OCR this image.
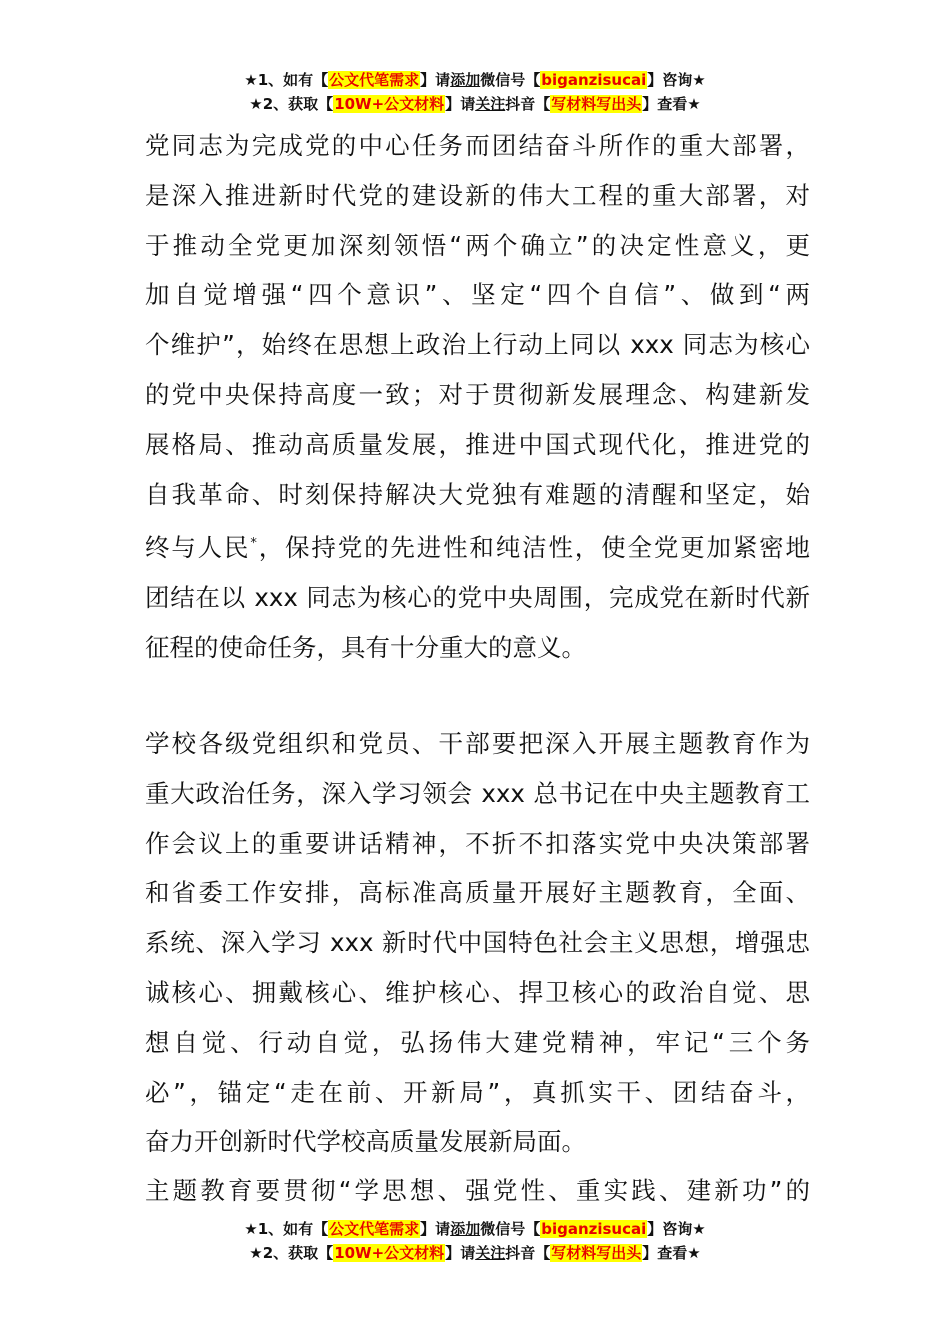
★1、如有【公文代笔需求】请添加微信号【biganzisucai】咨询★
★2、获取【10W+公文材料】请关注抖音【写材料写出头】查看★
党同志为完成党的中心任务而团结奋斗所作的重大部署，
是深入推进新时代党的建设新的伟大工程的重大部署，对
于推动全党更加深刻领悟“两个确立”的决定性意义，更
加自觉增强“四个意识”、坚定“四个自信”、做到“两
个维护”，始终在思想上政治上行动上同以 xxx 同志为核心
的党中央保持高度一致；对于贯彻新发展理念、构建新发
展格局、推动高质量发展，推进中国式现代化，推进党的
自我革命、时刻保持解决大党独有难题的清醒和坚定，始
终与人民*，保持党的先进性和纯洁性，使全党更加紧密地
团结在以 xxx 同志为核心的党中央周围，完成党在新时代新
征程的使命任务，具有十分重大的意义。
学校各级党组织和党员、干部要把深入开展主题教育作为
重大政治任务，深入学习领会 xxx 总书记在中央主题教育工
作会议上的重要讲话精神，不折不扣落实党中央决策部署
和省委工作安排，高标准高质量开展好主题教育，全面、
系统、深入学习 xxx 新时代中国特色社会主义思想，增强忠
诚核心、拥戴核心、维护核心、捍卫核心的政治自觉、思
想自觉、行动自觉，弘扬伟大建党精神，牢记“三个务
必”，锚定“走在前、开新局”，真抓实干、团结奋斗，
奋力开创新时代学校高质量发展新局面。
主题教育要贯彻“学思想、强党性、重实践、建新功”的
★1、如有【公文代笔需求】请添加微信号【biganzisucai】咨询★
★2、获取【10W+公文材料】请关注抖音【写材料写出头】查看★
